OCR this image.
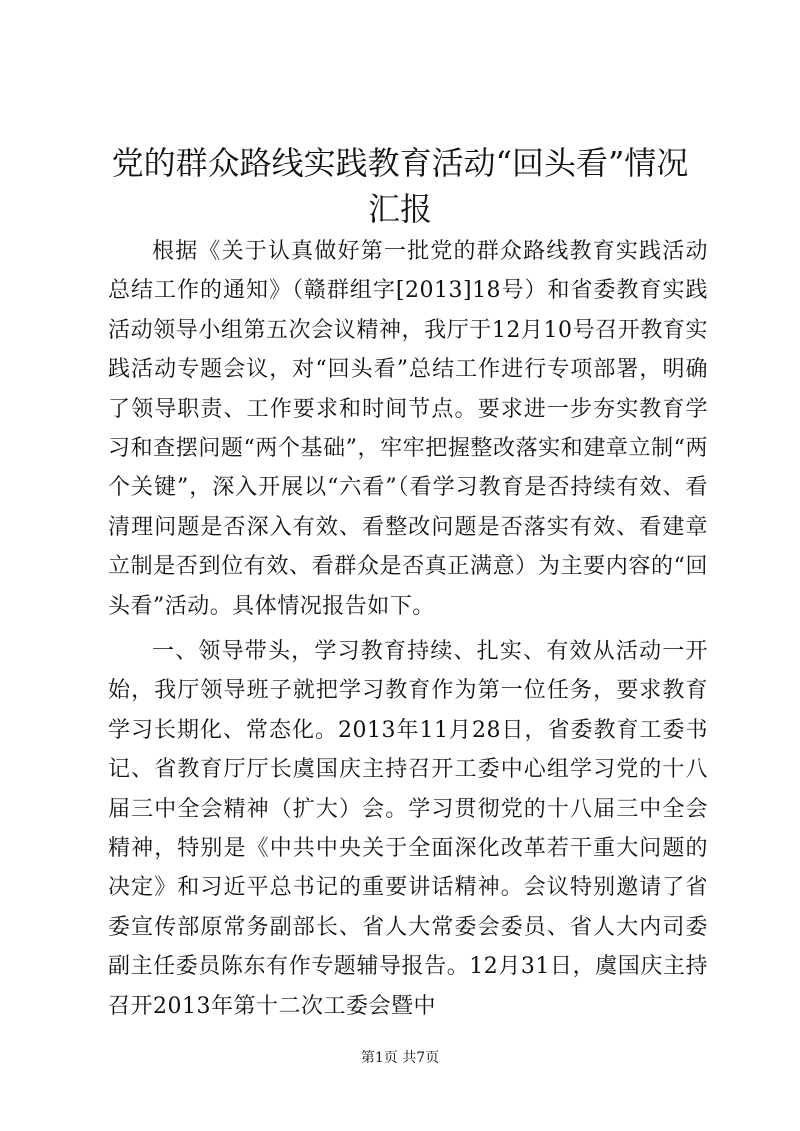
党的群众路线实践教育活动“回头看”情况汇报

根据《关于认真做好第一批党的群众路线教育实践活动总结工作的通知》（赣群组字[2013]18号）和省委教育实践活动领导小组第五次会议精神，我厅于12月10号召开教育实践活动专题会议，对“回头看”总结工作进行专项部署，明确了领导职责、工作要求和时间节点。要求进一步夯实教育学习和查摆问题“两个基础”，牢牢把握整改落实和建章立制“两个关键”，深入开展以“六看”（看学习教育是否持续有效、看清理问题是否深入有效、看整改问题是否落实有效、看建章立制是否到位有效、看群众是否真正满意）为主要内容的“回头看”活动。具体情况报告如下。

一、领导带头，学习教育持续、扎实、有效从活动一开始，我厅领导班子就把学习教育作为第一位任务，要求教育学习长期化、常态化。2013年11月28日，省委教育工委书记、省教育厅厅长虞国庆主持召开工委中心组学习党的十八届三中全会精神（扩大）会。学习贯彻党的十八届三中全会精神，特别是《中共中央关于全面深化改革若干重大问题的决定》和习近平总书记的重要讲话精神。会议特别邀请了省委宣传部原常务副部长、省人大常委会委员、省人大内司委副主任委员陈东有作专题辅导报告。12月31日，虞国庆主持召开2013年第十二次工委会暨中

第1页 共7页
